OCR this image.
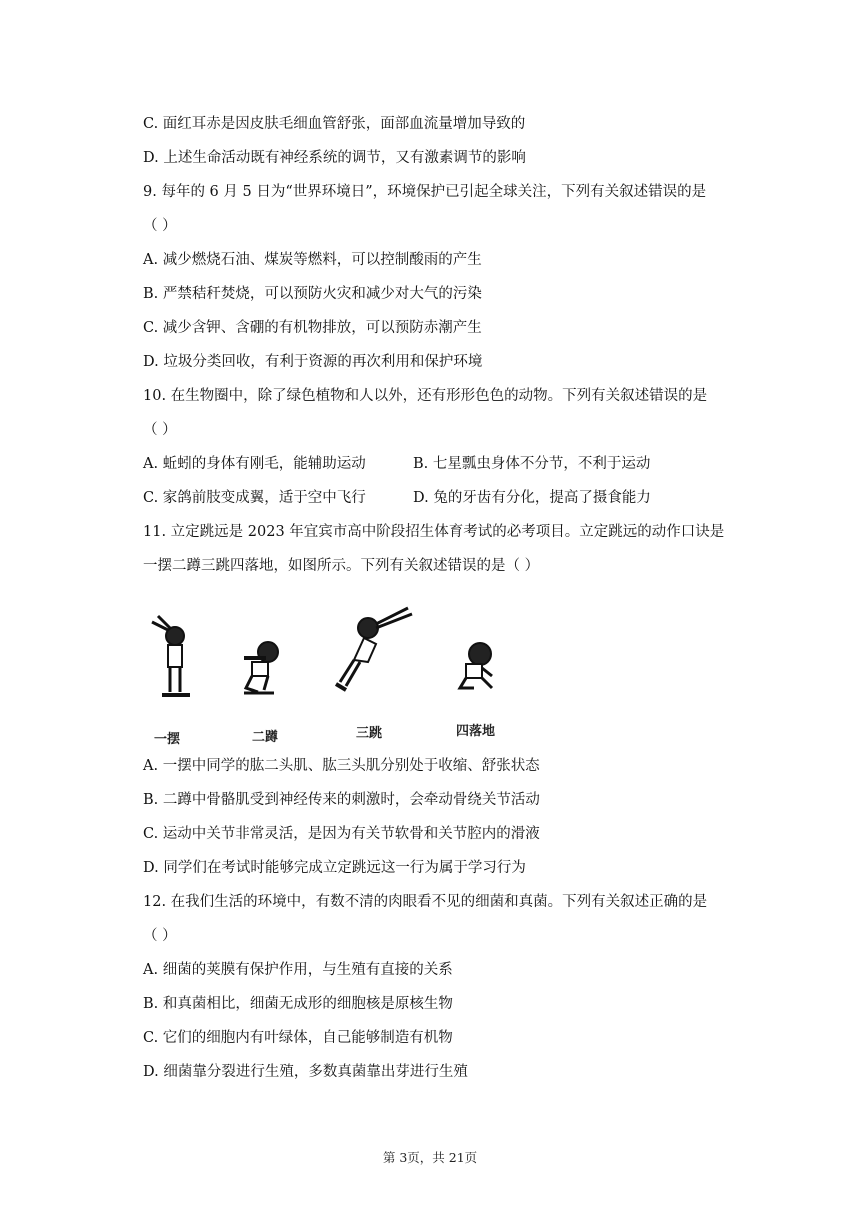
C. 面红耳赤是因皮肤毛细血管舒张，面部血流量增加导致的
D. 上述生命活动既有神经系统的调节，又有激素调节的影响
9. 每年的 6 月 5 日为“世界环境日”，环境保护已引起全球关注，下列有关叙述错误的是
（ ）
A. 减少燃烧石油、煤炭等燃料，可以控制酸雨的产生
B. 严禁秸秆焚烧，可以预防火灾和减少对大气的污染
C. 减少含钾、含硼的有机物排放，可以预防赤潮产生
D. 垃圾分类回收，有利于资源的再次利用和保护环境
10. 在生物圈中，除了绿色植物和人以外，还有形形色色的动物。下列有关叙述错误的是
（ ）
A. 蚯蚓的身体有刚毛，能辅助运动	B. 七星瓢虫身体不分节，不利于运动
C. 家鸽前肢变成翼，适于空中飞行	D. 兔的牙齿有分化，提高了摄食能力
11. 立定跳远是 2023 年宜宾市高中阶段招生体育考试的必考项目。立定跳远的动作口诀是
一摆二蹲三跳四落地，如图所示。下列有关叙述错误的是（ ）
一摆	二蹲	三跳	四落地
A. 一摆中同学的肱二头肌、肱三头肌分别处于收缩、舒张状态
B. 二蹲中骨骼肌受到神经传来的刺激时，会牵动骨绕关节活动
C. 运动中关节非常灵活，是因为有关节软骨和关节腔内的滑液
D. 同学们在考试时能够完成立定跳远这一行为属于学习行为
12. 在我们生活的环境中，有数不清的肉眼看不见的细菌和真菌。下列有关叙述正确的是
（ ）
A. 细菌的荚膜有保护作用，与生殖有直接的关系
B. 和真菌相比，细菌无成形的细胞核是原核生物
C. 它们的细胞内有叶绿体，自己能够制造有机物
D. 细菌靠分裂进行生殖，多数真菌靠出芽进行生殖
第 3页，共 21页
